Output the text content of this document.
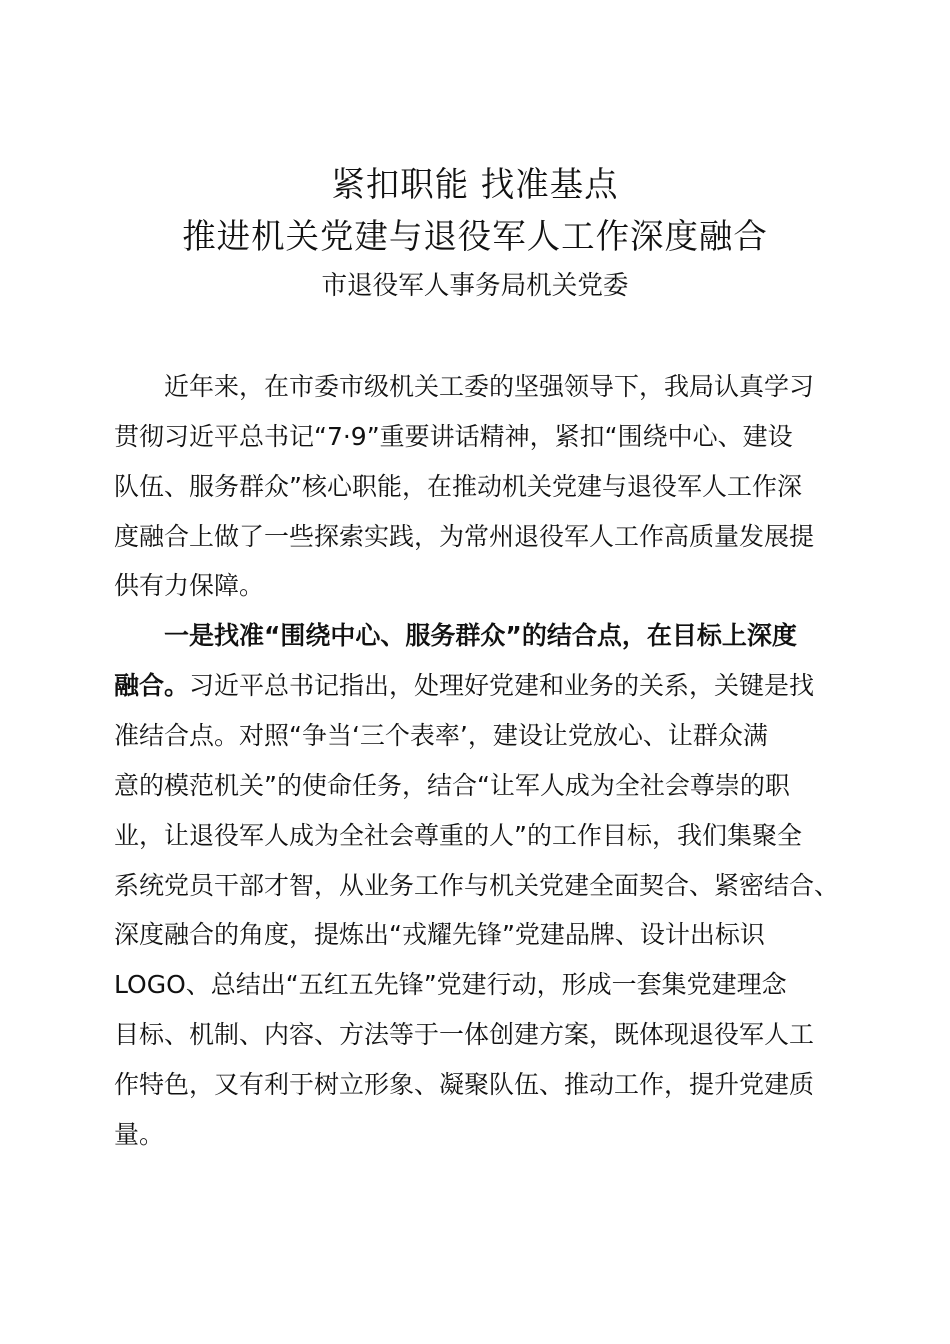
紧扣职能 找准基点
推进机关党建与退役军人工作深度融合
市退役军人事务局机关党委
近年来，在市委市级机关工委的坚强领导下，我局认真学习
贯彻习近平总书记“7·9”重要讲话精神，紧扣“围绕中心、建设
队伍、服务群众”核心职能，在推动机关党建与退役军人工作深
度融合上做了一些探索实践，为常州退役军人工作高质量发展提
供有力保障。
一是找准“围绕中心、服务群众”的结合点，在目标上深度
融合。习近平总书记指出，处理好党建和业务的关系，关键是找
准结合点。对照“争当‘三个表率’，建设让党放心、让群众满
意的模范机关”的使命任务，结合“让军人成为全社会尊崇的职
业，让退役军人成为全社会尊重的人”的工作目标，我们集聚全
系统党员干部才智，从业务工作与机关党建全面契合、紧密结合、
深度融合的角度，提炼出“戎耀先锋”党建品牌、设计出标识
LOGO、总结出“五红五先锋”党建行动，形成一套集党建理念
目标、机制、内容、方法等于一体创建方案，既体现退役军人工
作特色，又有利于树立形象、凝聚队伍、推动工作，提升党建质
量。
